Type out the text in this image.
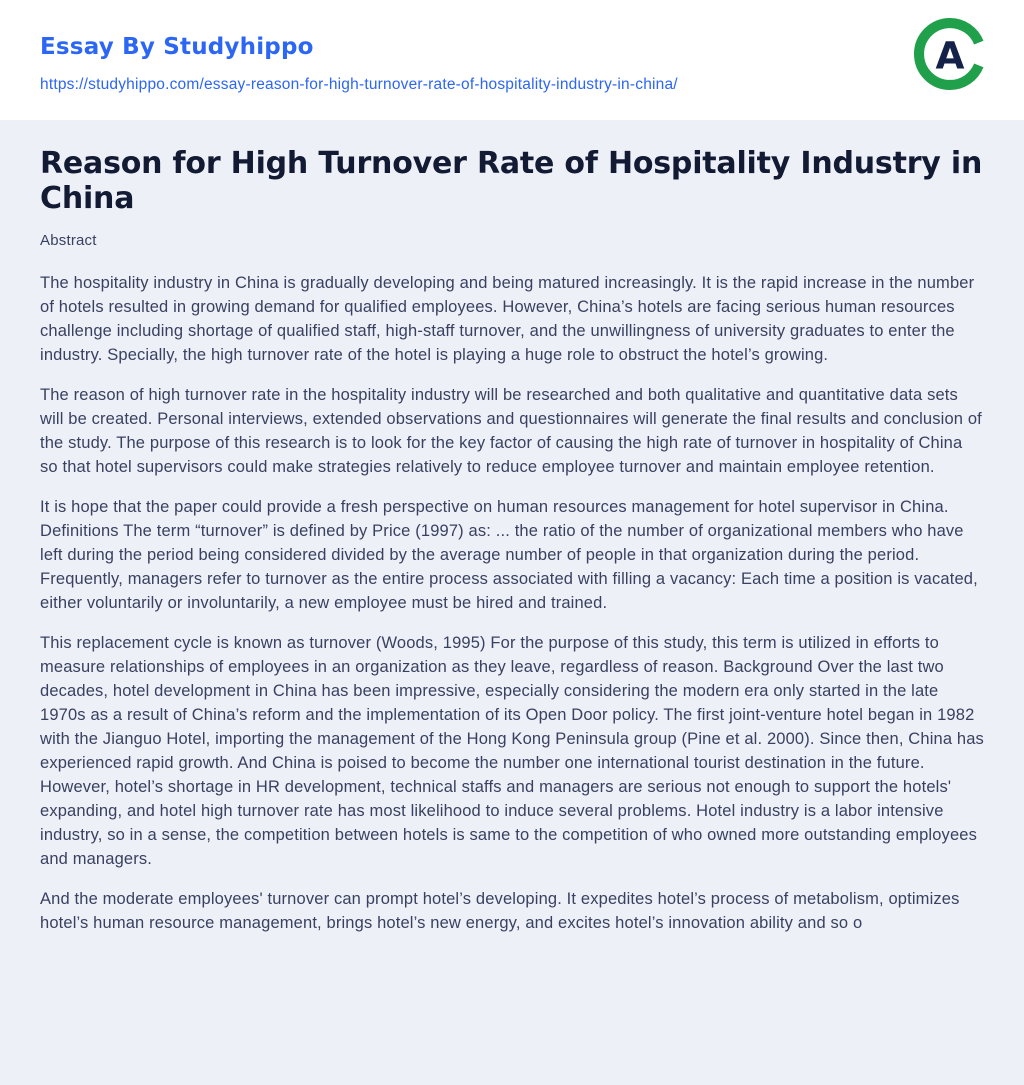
Essay By Studyhippo
https://studyhippo.com/essay-reason-for-high-turnover-rate-of-hospitality-industry-in-china/
A
Reason for High Turnover Rate of Hospitality Industry in China
Abstract

The hospitality industry in China is gradually developing and being matured increasingly. It is the rapid increase in the number of hotels resulted in growing demand for qualified employees. However, China’s hotels are facing serious human resources challenge including shortage of qualified staff, high-staff turnover, and the unwillingness of university graduates to enter the industry. Specially, the high turnover rate of the hotel is playing a huge role to obstruct the hotel’s growing.

The reason of high turnover rate in the hospitality industry will be researched and both qualitative and quantitative data sets will be created. Personal interviews, extended observations and questionnaires will generate the final results and conclusion of the study. The purpose of this research is to look for the key factor of causing the high rate of turnover in hospitality of China so that hotel supervisors could make strategies relatively to reduce employee turnover and maintain employee retention.

It is hope that the paper could provide a fresh perspective on human resources management for hotel supervisor in China. Definitions The term “turnover” is defined by Price (1997) as: ... the ratio of the number of organizational members who have left during the period being considered divided by the average number of people in that organization during the period. Frequently, managers refer to turnover as the entire process associated with filling a vacancy: Each time a position is vacated, either voluntarily or involuntarily, a new employee must be hired and trained.

This replacement cycle is known as turnover (Woods, 1995) For the purpose of this study, this term is utilized in efforts to measure relationships of employees in an organization as they leave, regardless of reason. Background Over the last two decades, hotel development in China has been impressive, especially considering the modern era only started in the late 1970s as a result of China’s reform and the implementation of its Open Door policy. The first joint-venture hotel began in 1982 with the Jianguo Hotel, importing the management of the Hong Kong Peninsula group (Pine et al. 2000). Since then, China has experienced rapid growth. And China is poised to become the number one international tourist destination in the future. However, hotel’s shortage in HR development, technical staffs and managers are serious not enough to support the hotels' expanding, and hotel high turnover rate has most likelihood to induce several problems. Hotel industry is a labor intensive industry, so in a sense, the competition between hotels is same to the competition of who owned more outstanding employees and managers.

And the moderate employees' turnover can prompt hotel’s developing. It expedites hotel’s process of metabolism, optimizes hotel’s human resource management, brings hotel’s new energy, and excites hotel’s innovation ability and so o
